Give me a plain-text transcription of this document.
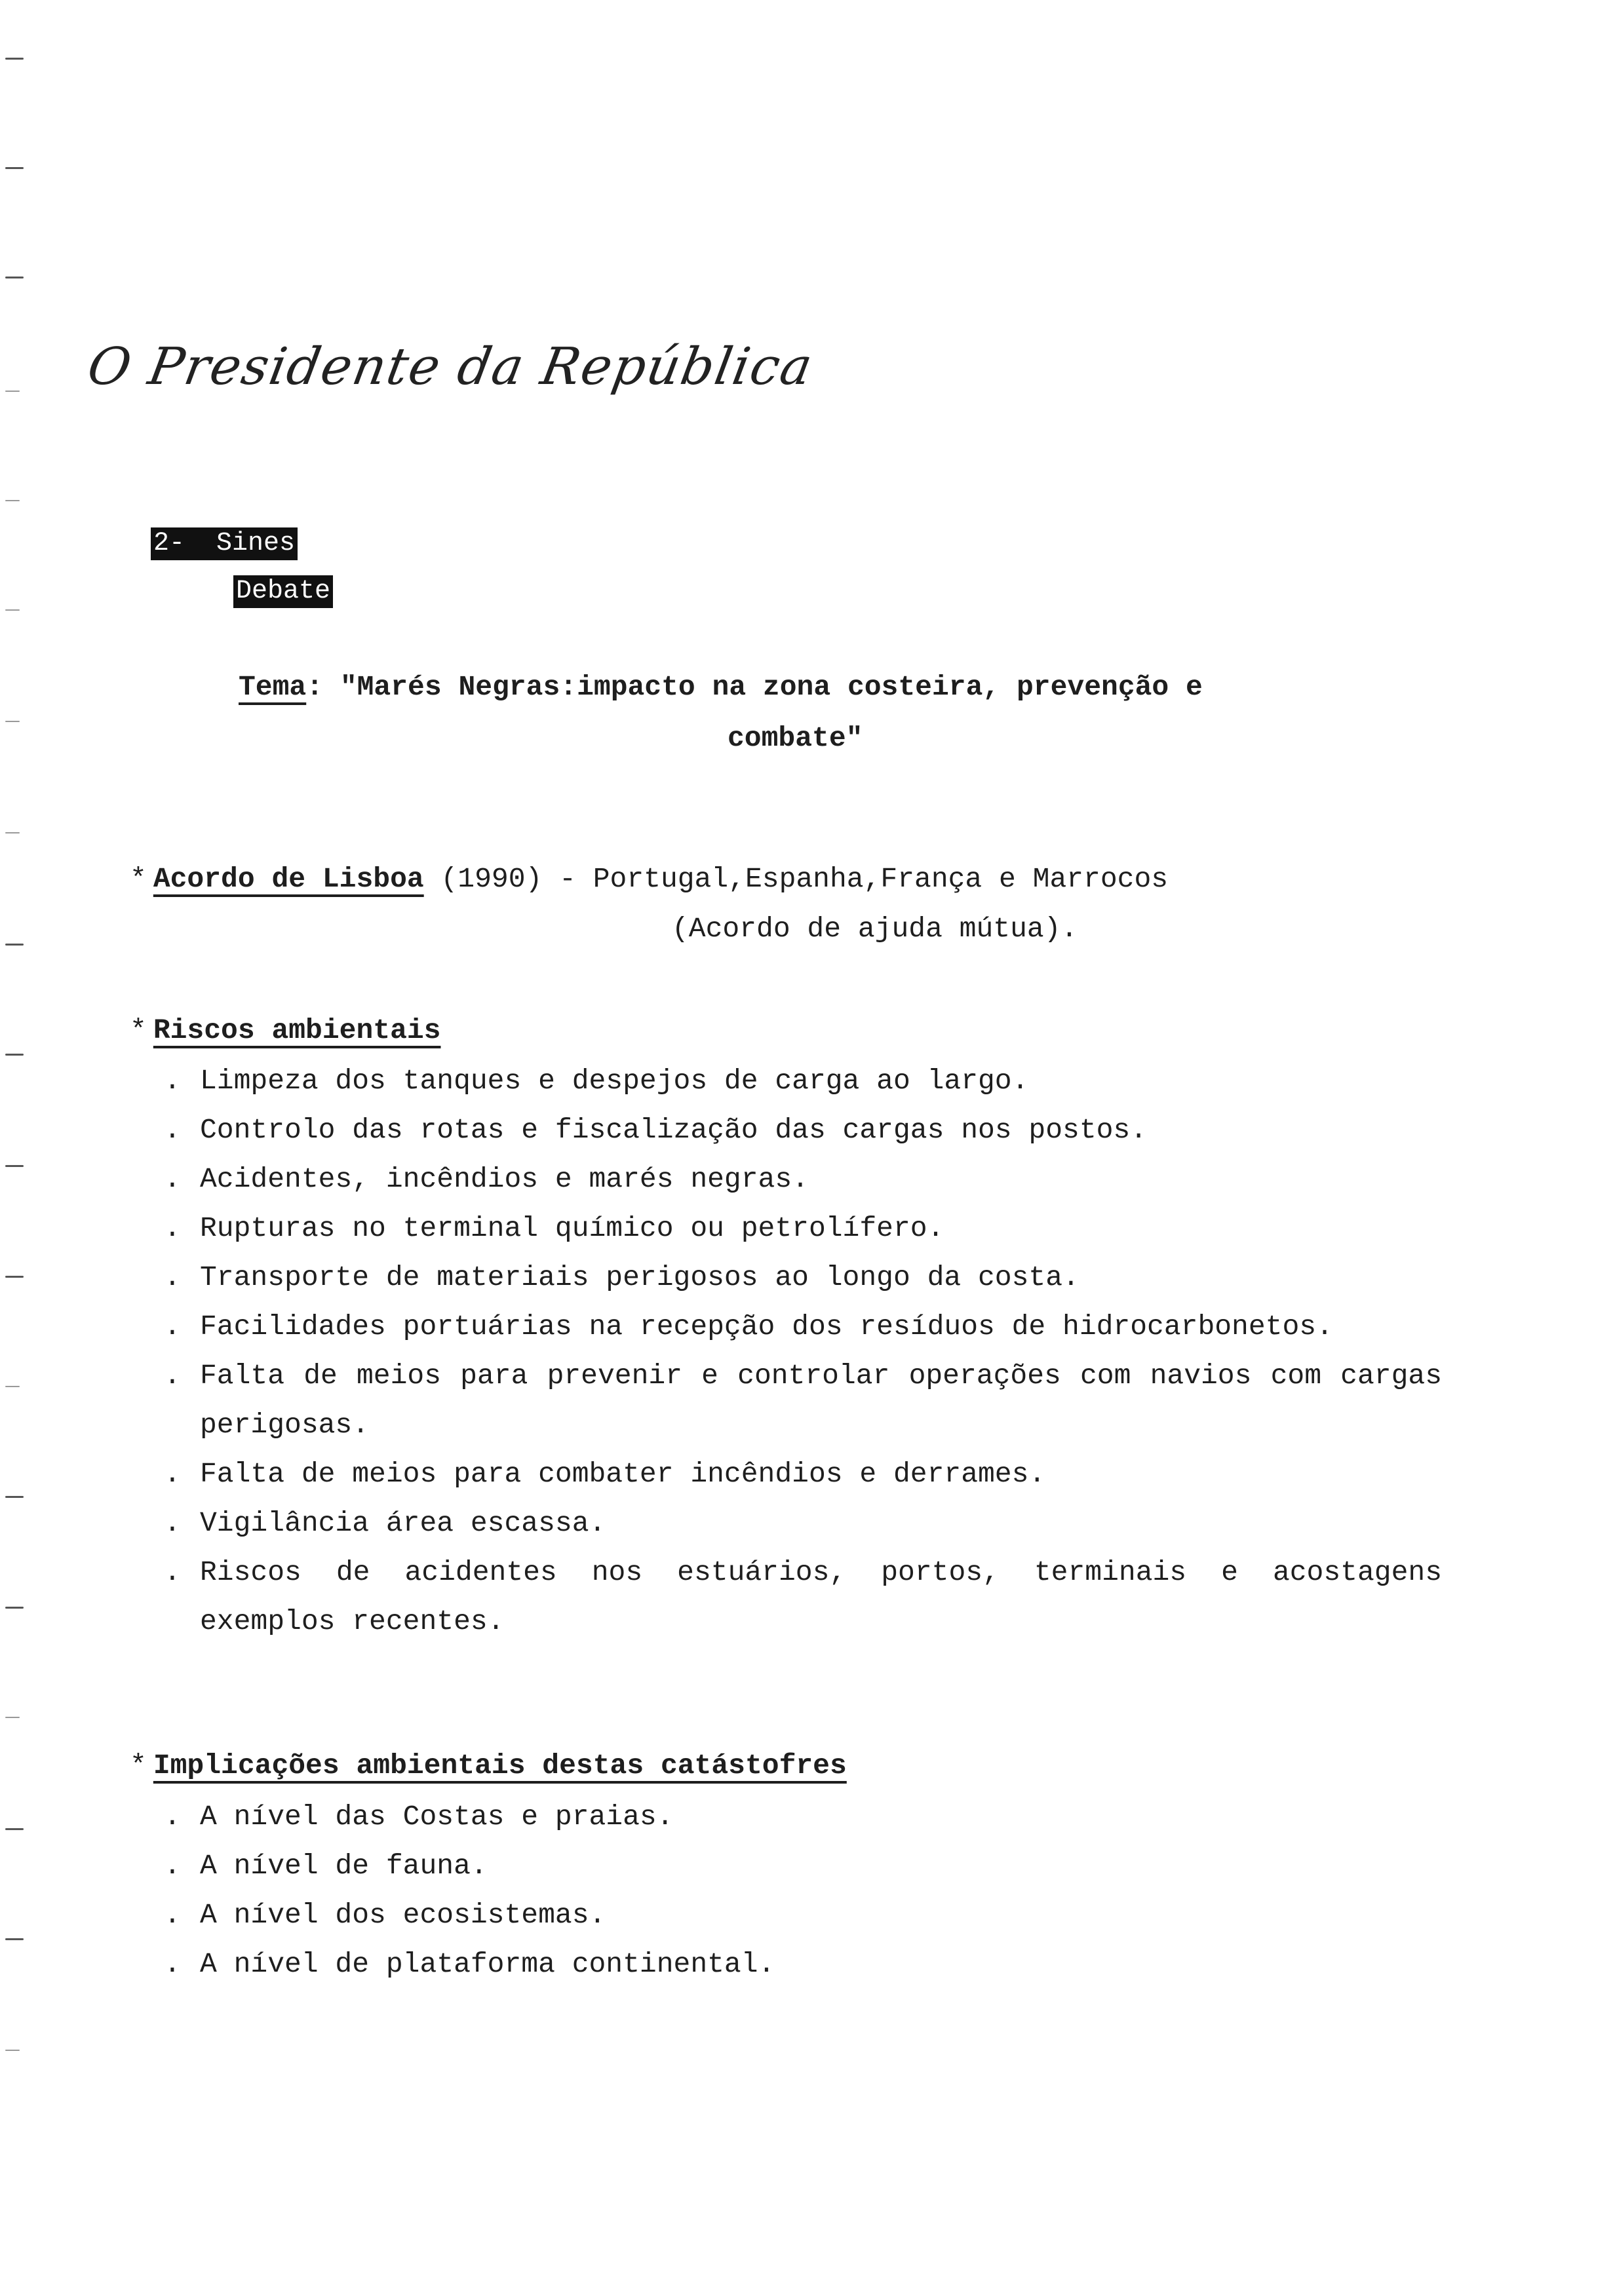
O Presidente da República
2- Sines
Debate
Tema: "Marés Negras:impacto na zona costeira, prevenção e
combate"
* Acordo de Lisboa (1990) - Portugal,Espanha,França e Marrocos
(Acordo de ajuda mútua).
* Riscos ambientais
. Limpeza dos tanques e despejos de carga ao largo.
. Controlo das rotas e fiscalização das cargas nos postos.
. Acidentes, incêndios e marés negras.
. Rupturas no terminal químico ou petrolífero.
. Transporte de materiais perigosos ao longo da costa.
. Facilidades portuárias na recepção dos resíduos de hidrocarbonetos.
. Falta de meios para prevenir e controlar operações com navios com cargas perigosas.
. Falta de meios para combater incêndios e derrames.
. Vigilância área escassa.
. Riscos de acidentes nos estuários, portos, terminais e acostagens exemplos recentes.
* Implicações ambientais destas catástofres
. A nível das Costas e praias.
. A nível de fauna.
. A nível dos ecosistemas.
. A nível de plataforma continental.
